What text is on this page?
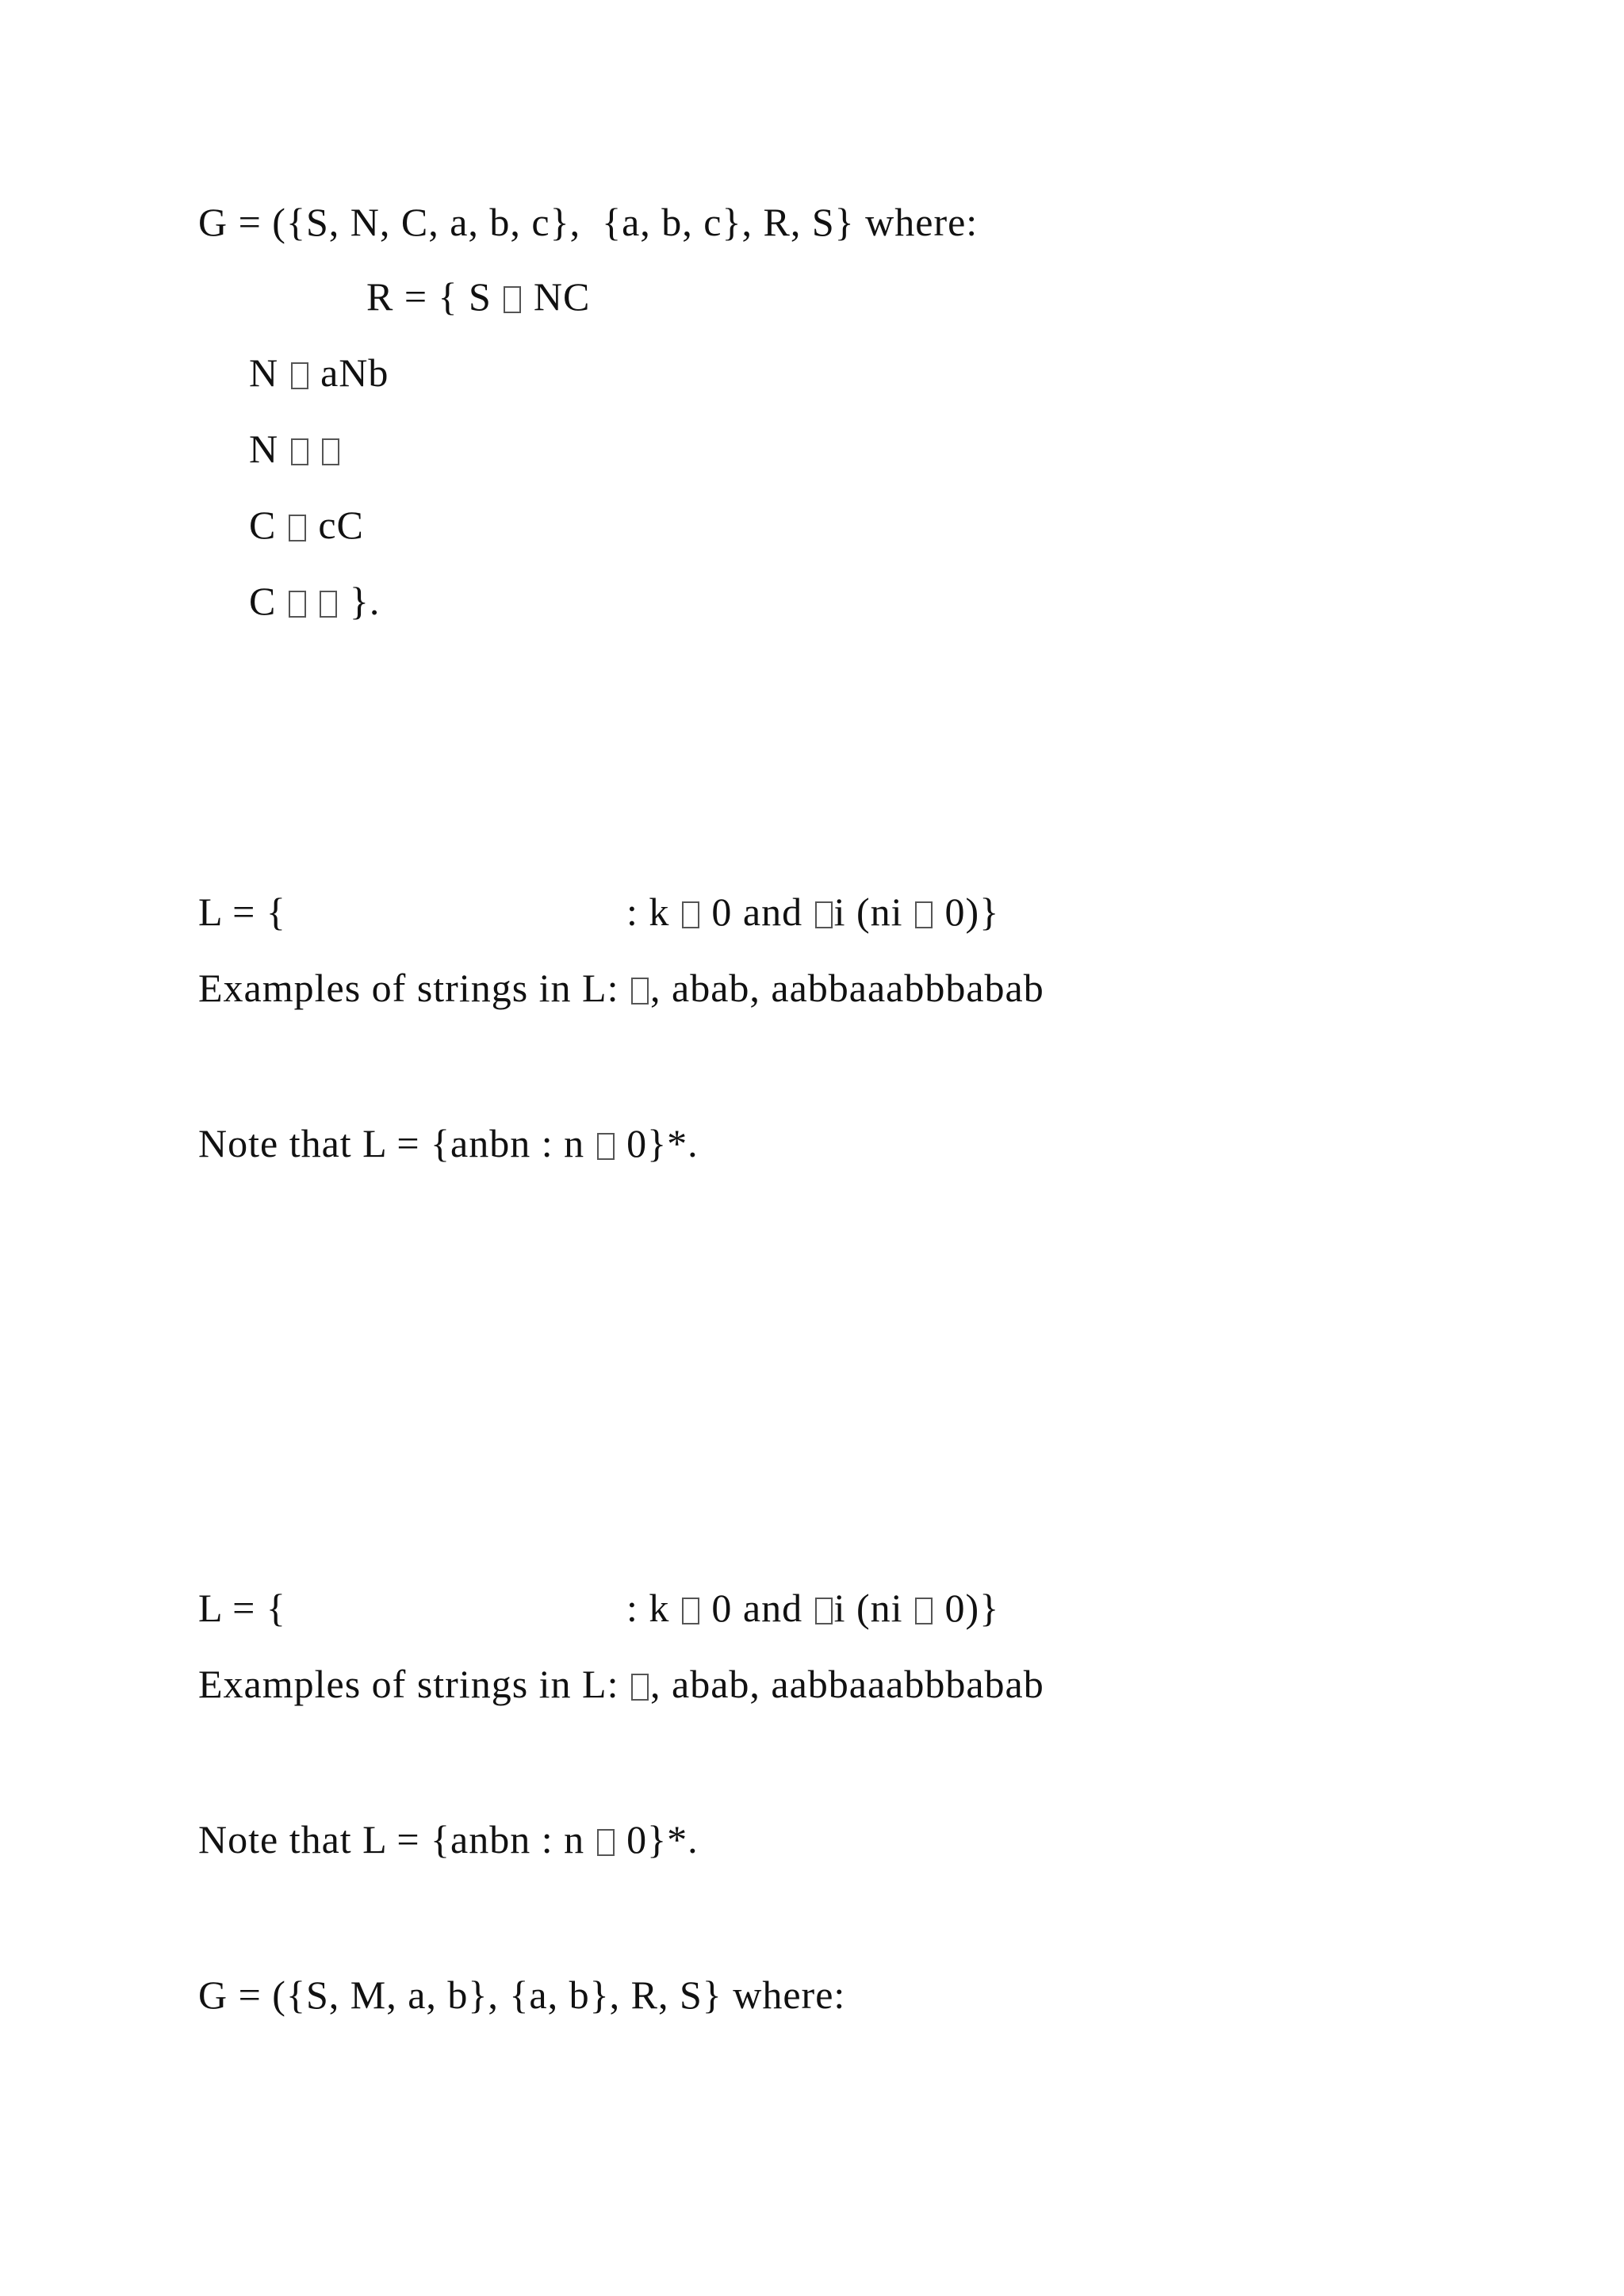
G = ({S, N, C, a, b, c},  {a, b, c}, R, S} where:
R = { S  NC
N  aNb
N
C  cC
C   }.
L = {	: k  0 and i (ni  0)}
Examples of strings in L: , abab, aabbaaabbbabab
Note that L = {anbn : n  0}*.
L = {	: k  0 and i (ni  0)}
Examples of strings in L: , abab, aabbaaabbbabab
Note that L = {anbn : n  0}*.
G = ({S, M, a, b}, {a, b}, R, S} where:
